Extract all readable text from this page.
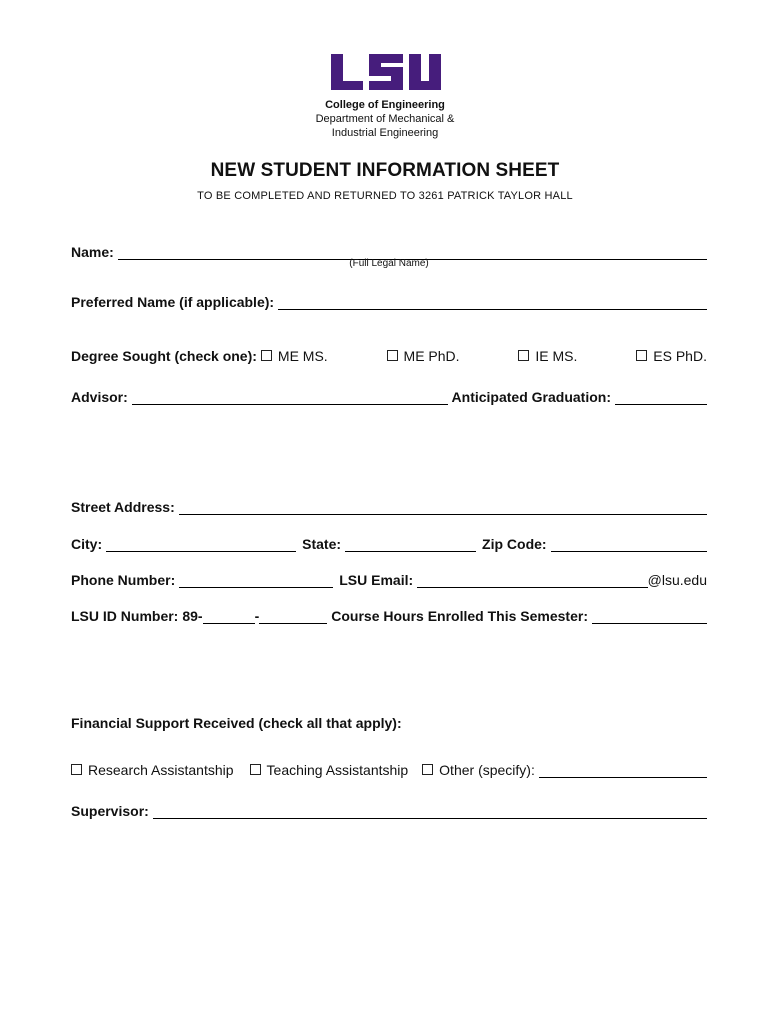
College of Engineering
Department of Mechanical &
Industrial Engineering
NEW STUDENT INFORMATION SHEET
TO BE COMPLETED AND RETURNED TO 3261 PATRICK TAYLOR HALL
Name:
(Full Legal Name)
Preferred Name (if applicable):
Degree Sought (check one): ME MS.	ME PhD.	IE MS.	ES PhD.
Advisor:	Anticipated Graduation:
Street Address:
City:	State:	Zip Code:
Phone Number:	LSU Email:	@lsu.edu
LSU ID Number: 89-	-	Course Hours Enrolled This Semester:
Financial Support Received (check all that apply):
Research Assistantship Teaching Assistantship Other (specify):
Supervisor:
